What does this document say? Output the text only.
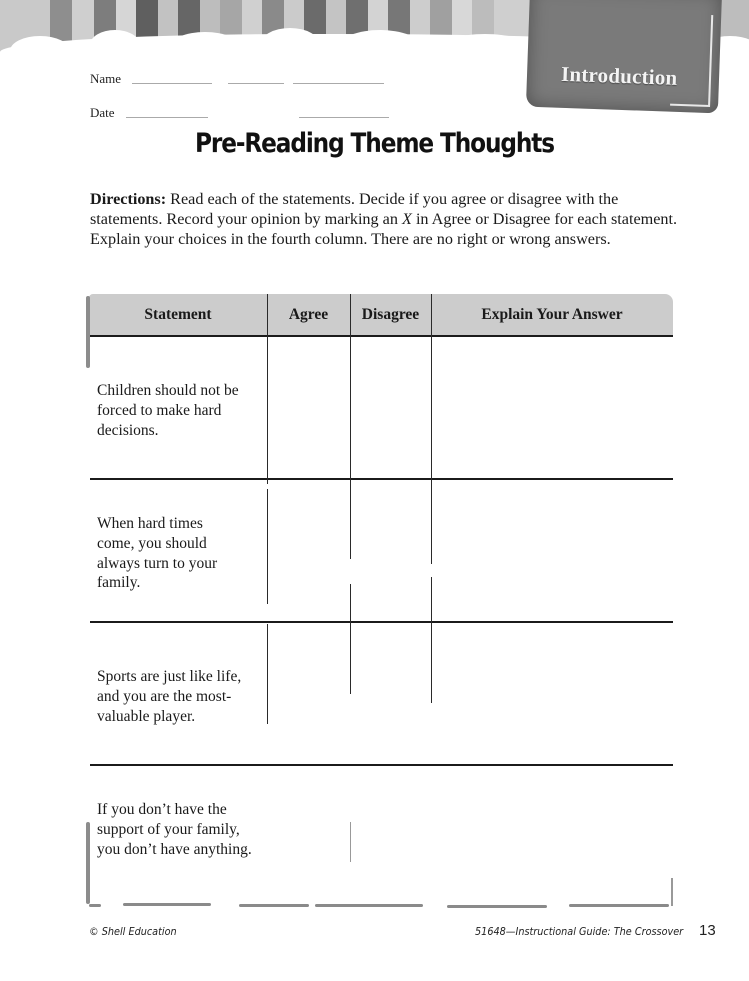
Introduction
Name
Date
Pre-Reading Theme Thoughts

Directions: Read each of the statements. Decide if you agree or disagree with the statements. Record your opinion by marking an X in Agree or Disagree for each statement. Explain your choices in the fourth column. There are no right or wrong answers.

Statement	Agree	Disagree	Explain Your Answer
Children should not be forced to make hard decisions.
When hard times come, you should always turn to your family.
Sports are just like life, and you are the most-valuable player.
If you don’t have the support of your family, you don’t have anything.
© Shell Education	51648—Instructional Guide: The Crossover 13
